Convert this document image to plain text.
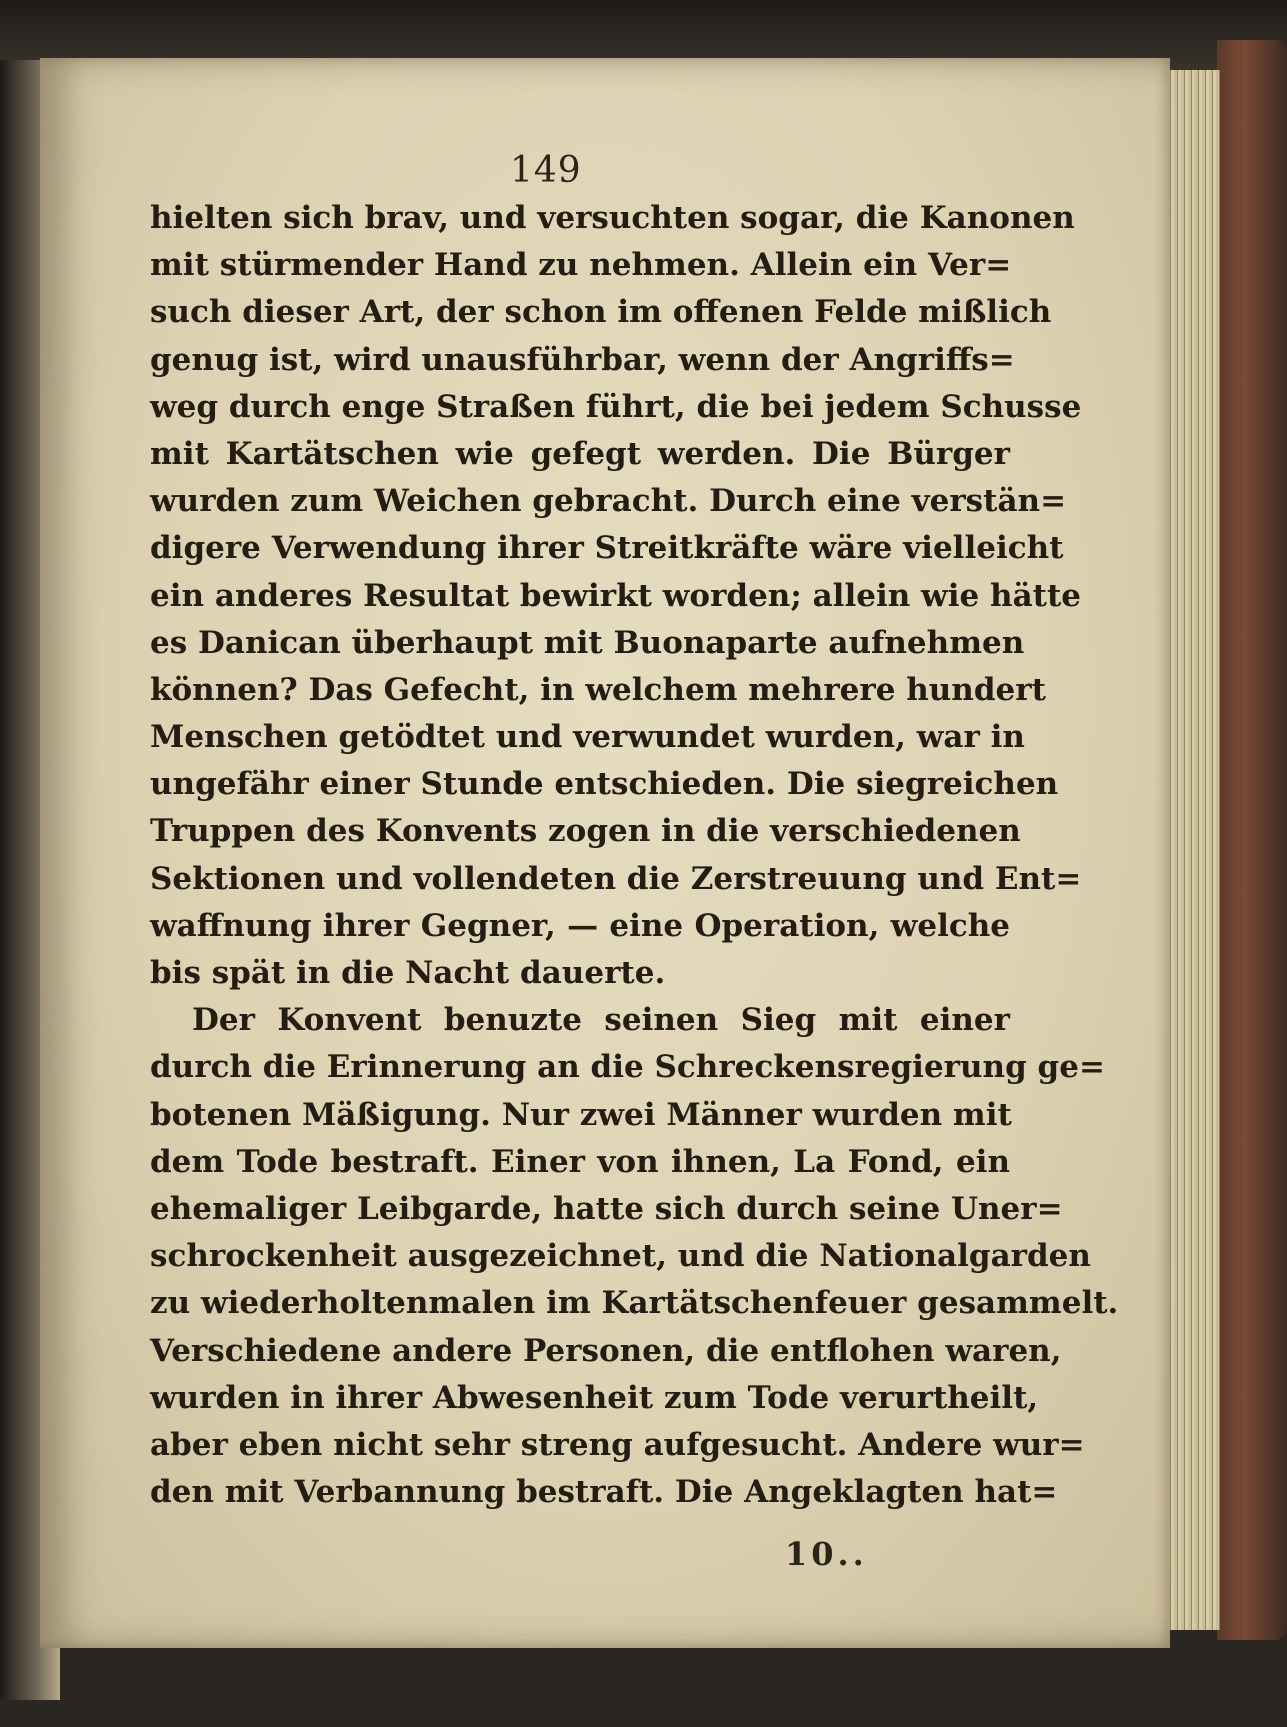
149
hielten sich brav, und versuchten sogar, die Kanonen
mit stürmender Hand zu nehmen. Allein ein Ver=
such dieser Art, der schon im offenen Felde mißlich
genug ist, wird unausführbar, wenn der Angriffs=
weg durch enge Straßen führt, die bei jedem Schusse
mit Kartätschen wie gefegt werden. Die Bürger
wurden zum Weichen gebracht. Durch eine verstän=
digere Verwendung ihrer Streitkräfte wäre vielleicht
ein anderes Resultat bewirkt worden; allein wie hätte
es Danican überhaupt mit Buonaparte aufnehmen
können? Das Gefecht, in welchem mehrere hundert
Menschen getödtet und verwundet wurden, war in
ungefähr einer Stunde entschieden. Die siegreichen
Truppen des Konvents zogen in die verschiedenen
Sektionen und vollendeten die Zerstreuung und Ent=
waffnung ihrer Gegner, — eine Operation, welche
bis spät in die Nacht dauerte.
Der Konvent benuzte seinen Sieg mit einer
durch die Erinnerung an die Schreckensregierung ge=
botenen Mäßigung. Nur zwei Männer wurden mit
dem Tode bestraft. Einer von ihnen, La Fond, ein
ehemaliger Leibgarde, hatte sich durch seine Uner=
schrockenheit ausgezeichnet, und die Nationalgarden
zu wiederholtenmalen im Kartätschenfeuer gesammelt.
Verschiedene andere Personen, die entflohen waren,
wurden in ihrer Abwesenheit zum Tode verurtheilt,
aber eben nicht sehr streng aufgesucht. Andere wur=
den mit Verbannung bestraft. Die Angeklagten hat=
10..
